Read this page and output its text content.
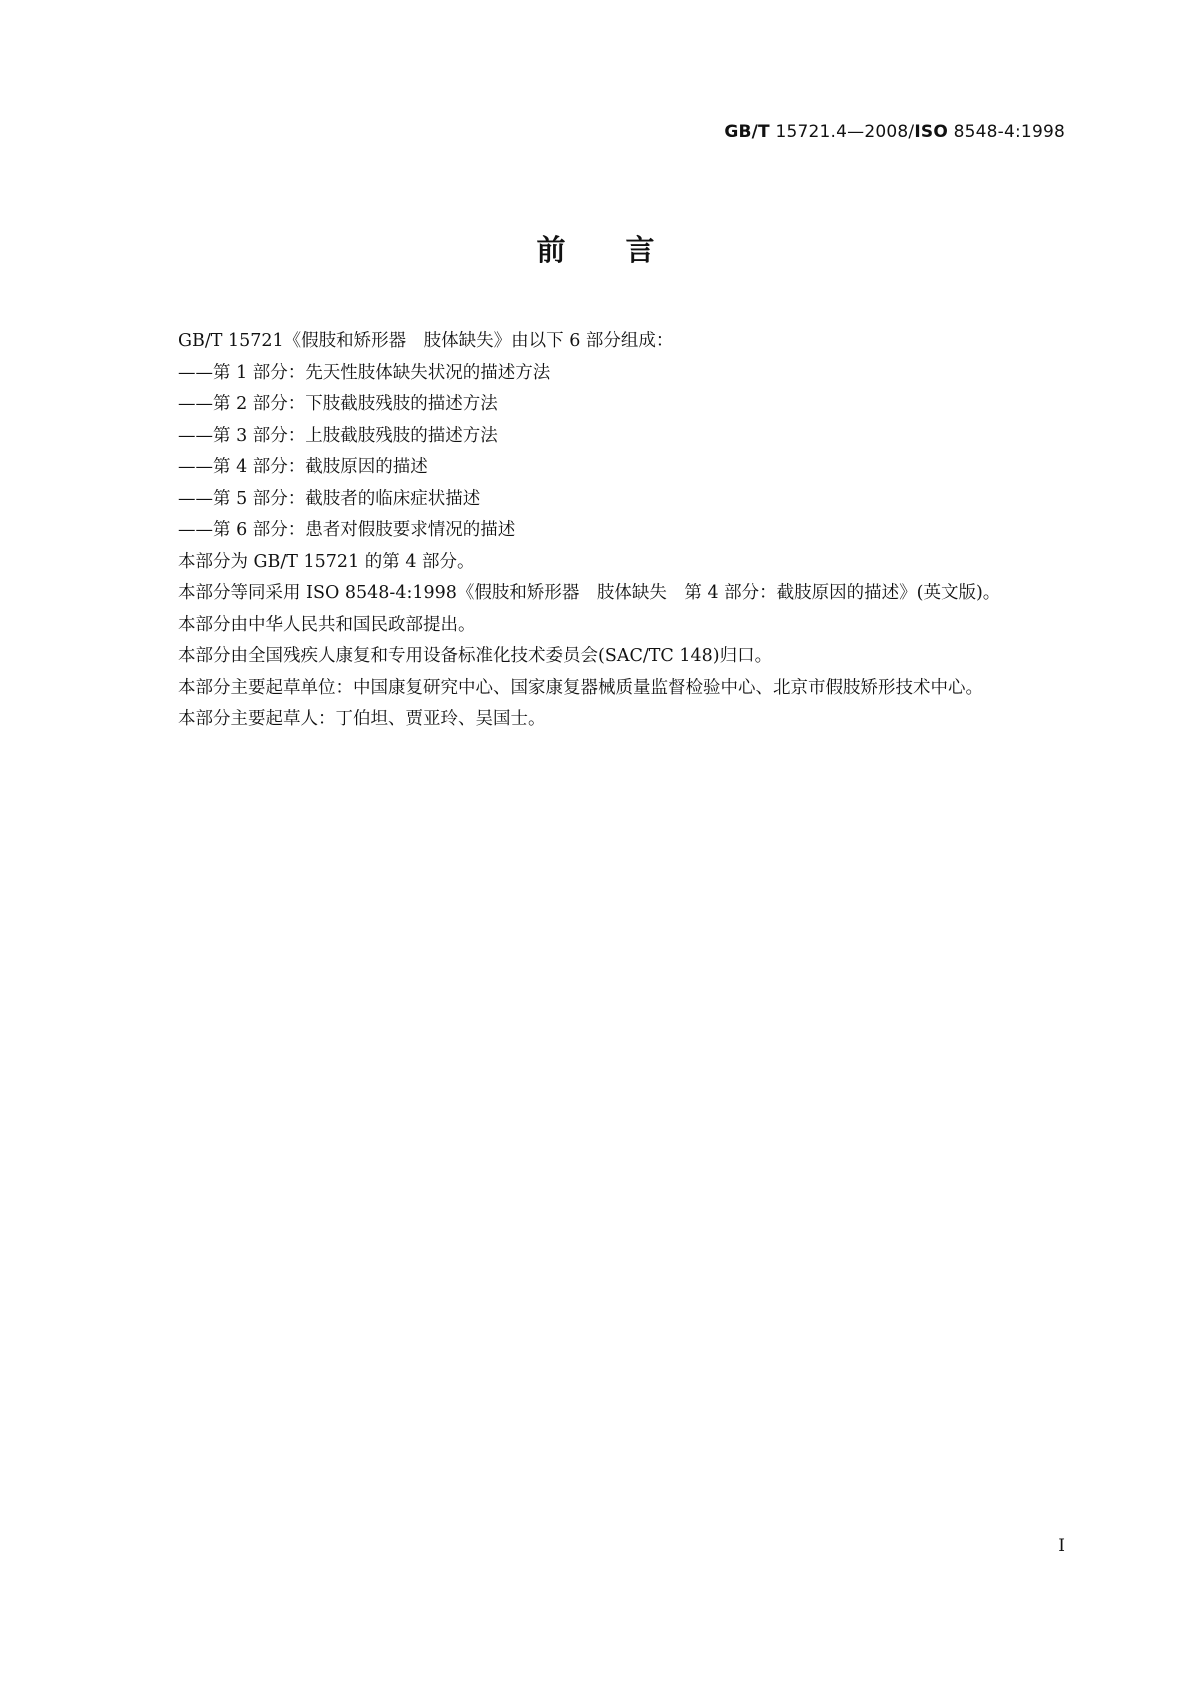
GB/T 15721.4—2008/ISO 8548-4:1998
前言

GB/T 15721《假肢和矫形器　肢体缺失》由以下 6 部分组成：

——第 1 部分：先天性肢体缺失状况的描述方法

——第 2 部分：下肢截肢残肢的描述方法

——第 3 部分：上肢截肢残肢的描述方法

——第 4 部分：截肢原因的描述

——第 5 部分：截肢者的临床症状描述

——第 6 部分：患者对假肢要求情况的描述

本部分为 GB/T 15721 的第 4 部分。

本部分等同采用 ISO 8548-4:1998《假肢和矫形器　肢体缺失　第 4 部分：截肢原因的描述》(英文版)。

本部分由中华人民共和国民政部提出。

本部分由全国残疾人康复和专用设备标准化技术委员会(SAC/TC 148)归口。

本部分主要起草单位：中国康复研究中心、国家康复器械质量监督检验中心、北京市假肢矫形技术中心。

本部分主要起草人：丁伯坦、贾亚玲、吴国士。

I
